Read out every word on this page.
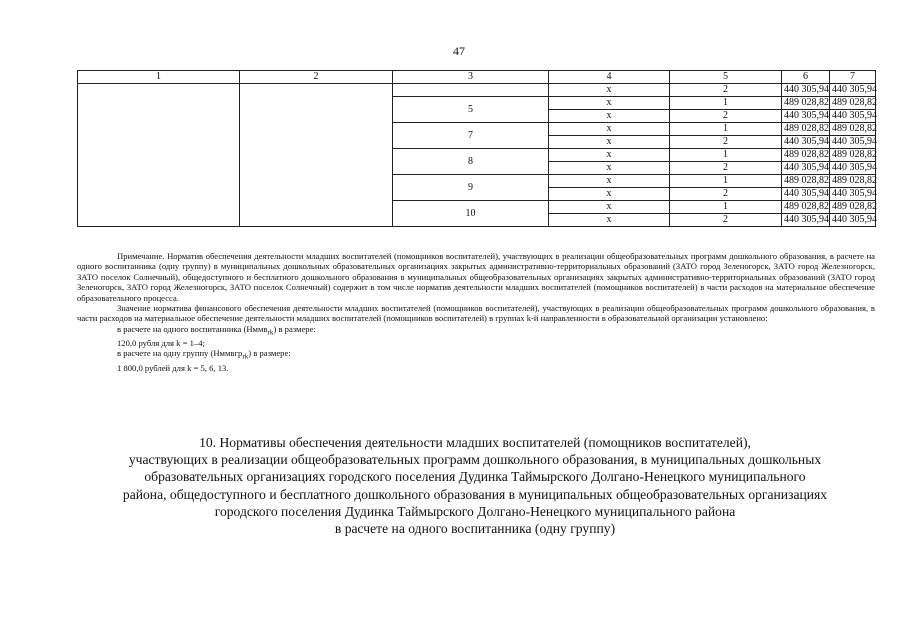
47
1	2	3	4	5	6	7
			х	2	440 305,94	440 305,94
		5	х	1	489 028,82	489 028,82
			х	2	440 305,94	440 305,94
		7	х	1	489 028,82	489 028,82
			х	2	440 305,94	440 305,94
		8	х	1	489 028,82	489 028,82
			х	2	440 305,94	440 305,94
		9	х	1	489 028,82	489 028,82
			х	2	440 305,94	440 305,94
		10	х	1	489 028,82	489 028,82
			х	2	440 305,94	440 305,94

Примечание. Норматив обеспечения деятельности младших воспитателей (помощников воспитателей), участвующих в реализации общеобразовательных программ дошкольного образования, в расчете на одного воспитанника (одну группу) в муниципальных дошкольных образовательных организациях закрытых административно-территориальных образований (ЗАТО город Зеленогорск, ЗАТО город Железногорск, ЗАТО поселок Солнечный), общедоступного и бесплатного дошкольного образования в муниципальных общеобразовательных организациях закрытых административно-территориальных образований (ЗАТО город Зеленогорск, ЗАТО город Железногорск, ЗАТО поселок Солнечный) содержит в том числе норматив деятельности младших воспитателей (помощников воспитателей) в части расходов на материальное обеспечение образовательного процесса.

Значение норматива финансового обеспечения деятельности младших воспитателей (помощников воспитателей), участвующих в реализации общеобразовательных программ дошкольного образования, в части расходов на материальное обеспечение деятельности младших воспитателей (помощников воспитателей) в группах k-й направленности в образовательной организации установлено:

в расчете на одного воспитанника (Нммв$_{rk}$) в размере:

120,0 рубля для k = 1–4;

в расчете на одну группу (Нммвгр$_{rk}$) в размере:

1 800,0 рублей для k = 5, 6, 13.

10. Нормативы обеспечения деятельности младших воспитателей (помощников воспитателей),

участвующих в реализации общеобразовательных программ дошкольного образования, в муниципальных дошкольных

образовательных организациях городского поселения Дудинка Таймырского Долгано-Ненецкого муниципального

района, общедоступного и бесплатного дошкольного образования в муниципальных общеобразовательных организациях

городского поселения Дудинка Таймырского Долгано-Ненецкого муниципального района

в расчете на одного воспитанника (одну группу)
